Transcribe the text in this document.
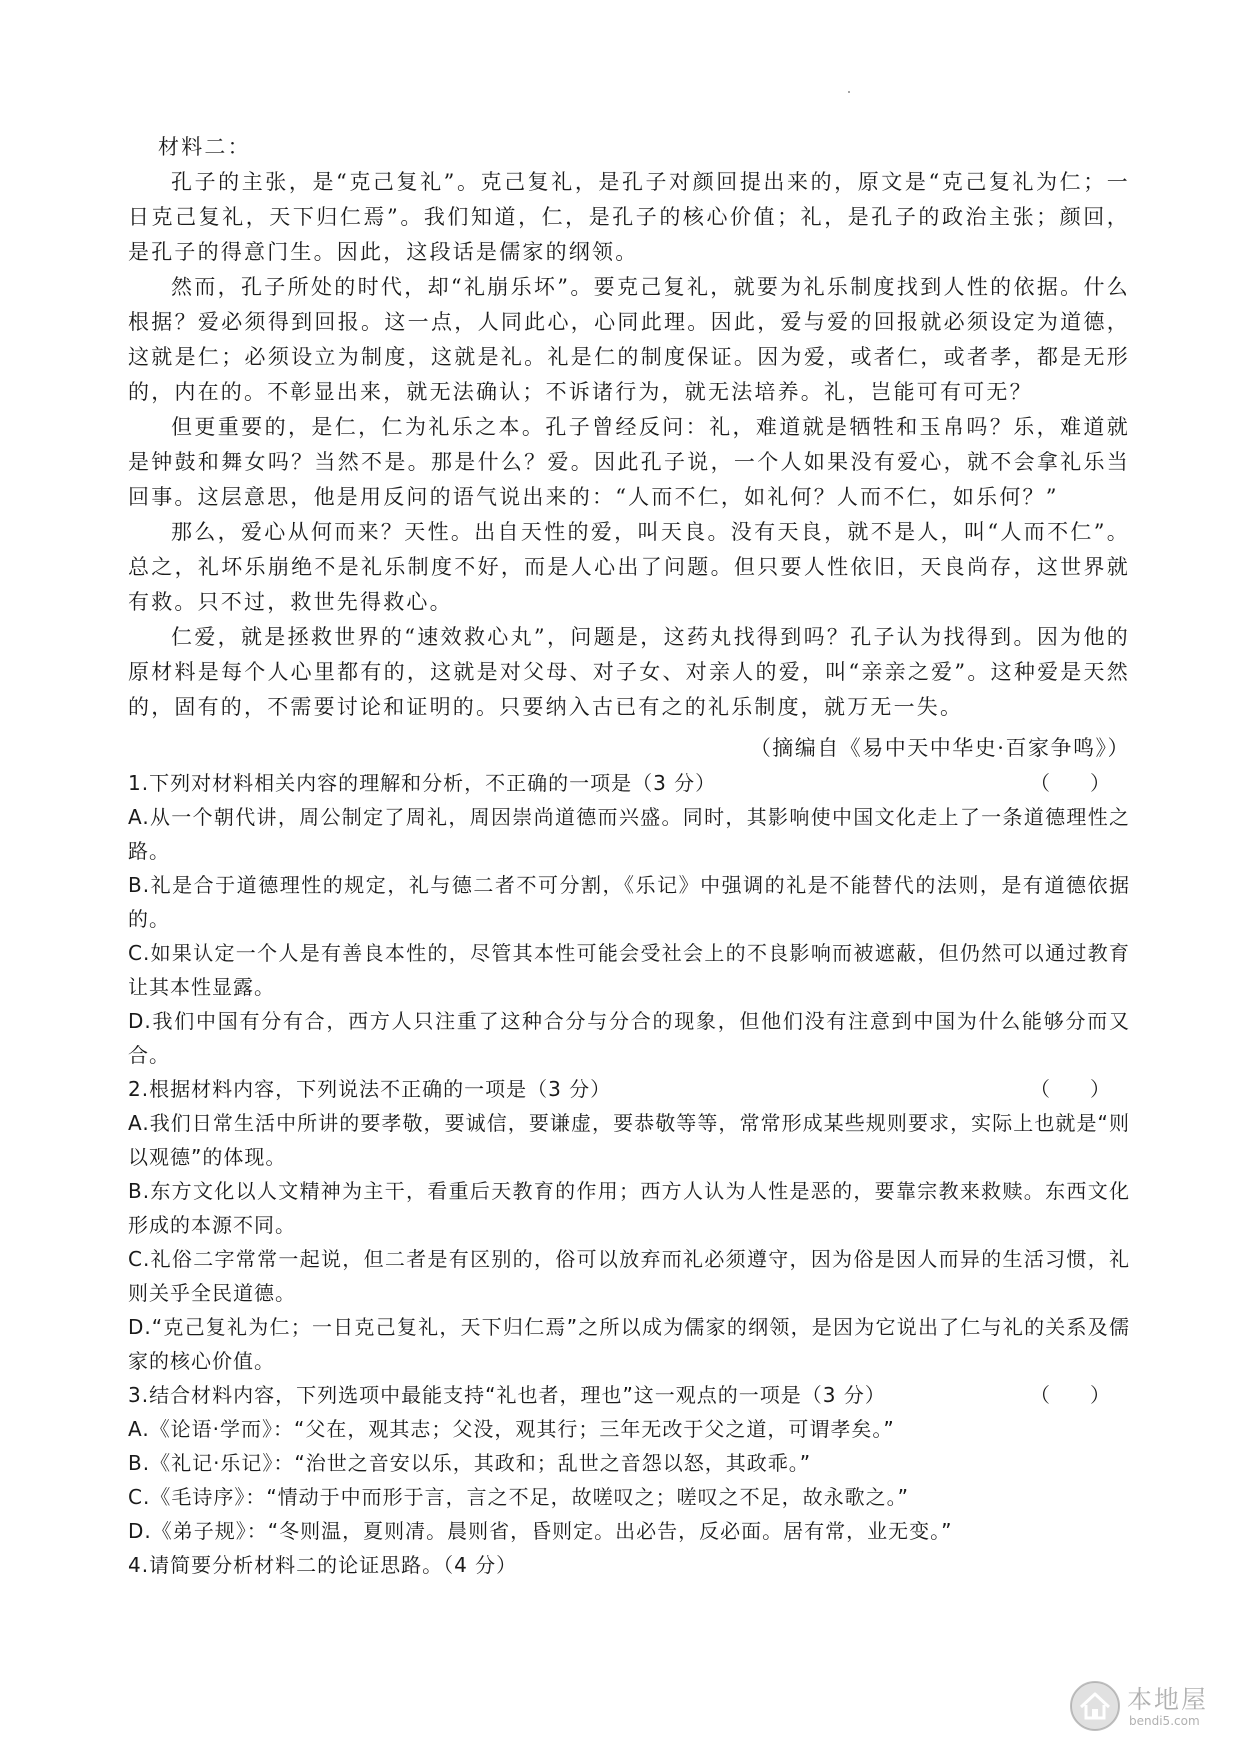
材料二：

孔子的主张，是“克己复礼”。克己复礼，是孔子对颜回提出来的，原文是“克己复礼为仁；一日克己复礼，天下归仁焉”。我们知道，仁，是孔子的核心价值；礼，是孔子的政治主张；颜回，是孔子的得意门生。因此，这段话是儒家的纲领。

然而，孔子所处的时代，却“礼崩乐坏”。要克己复礼，就要为礼乐制度找到人性的依据。什么根据？爱必须得到回报。这一点，人同此心，心同此理。因此，爱与爱的回报就必须设定为道德，这就是仁；必须设立为制度，这就是礼。礼是仁的制度保证。因为爱，或者仁，或者孝，都是无形的，内在的。不彰显出来，就无法确认；不诉诸行为，就无法培养。礼，岂能可有可无？

但更重要的，是仁，仁为礼乐之本。孔子曾经反问：礼，难道就是牺牲和玉帛吗？乐，难道就是钟鼓和舞女吗？当然不是。那是什么？爱。因此孔子说，一个人如果没有爱心，就不会拿礼乐当回事。这层意思，他是用反问的语气说出来的：“人而不仁，如礼何？人而不仁，如乐何？”

那么，爱心从何而来？天性。出自天性的爱，叫天良。没有天良，就不是人，叫“人而不仁”。总之，礼坏乐崩绝不是礼乐制度不好，而是人心出了问题。但只要人性依旧，天良尚存，这世界就有救。只不过，救世先得救心。

仁爱，就是拯救世界的“速效救心丸”，问题是，这药丸找得到吗？孔子认为找得到。因为他的原材料是每个人心里都有的，这就是对父母、对子女、对亲人的爱，叫“亲亲之爱”。这种爱是天然的，固有的，不需要讨论和证明的。只要纳入古已有之的礼乐制度，就万无一失。

（摘编自《易中天中华史·百家争鸣》）
1.下列对材料相关内容的理解和分析，不正确的一项是（3 分）	（　　）

A.从一个朝代讲，周公制定了周礼，周因崇尚道德而兴盛。同时，其影响使中国文化走上了一条道德理性之路。

B.礼是合于道德理性的规定，礼与德二者不可分割，《乐记》中强调的礼是不能替代的法则，是有道德依据的。

C.如果认定一个人是有善良本性的，尽管其本性可能会受社会上的不良影响而被遮蔽，但仍然可以通过教育让其本性显露。

D.我们中国有分有合，西方人只注重了这种合分与分合的现象，但他们没有注意到中国为什么能够分而又合。

2.根据材料内容，下列说法不正确的一项是（3 分）	（　　）

A.我们日常生活中所讲的要孝敬，要诚信，要谦虚，要恭敬等等，常常形成某些规则要求，实际上也就是“则以观德”的体现。

B.东方文化以人文精神为主干，看重后天教育的作用；西方人认为人性是恶的，要靠宗教来救赎。东西文化形成的本源不同。

C.礼俗二字常常一起说，但二者是有区别的，俗可以放弃而礼必须遵守，因为俗是因人而异的生活习惯，礼则关乎全民道德。

D.“克己复礼为仁；一日克己复礼，天下归仁焉”之所以成为儒家的纲领，是因为它说出了仁与礼的关系及儒家的核心价值。

3.结合材料内容，下列选项中最能支持“礼也者，理也”这一观点的一项是（3 分）	（　　）

A.《论语·学而》：“父在，观其志；父没，观其行；三年无改于父之道，可谓孝矣。”

B.《礼记·乐记》：“治世之音安以乐，其政和；乱世之音怨以怒，其政乖。”

C.《毛诗序》：“情动于中而形于言，言之不足，故嗟叹之；嗟叹之不足，故永歌之。”

D.《弟子规》：“冬则温，夏则凊。晨则省，昏则定。出必告，反必面。居有常，业无变。”

4.请简要分析材料二的论证思路。（4 分）
本地屋
bendi5.com
